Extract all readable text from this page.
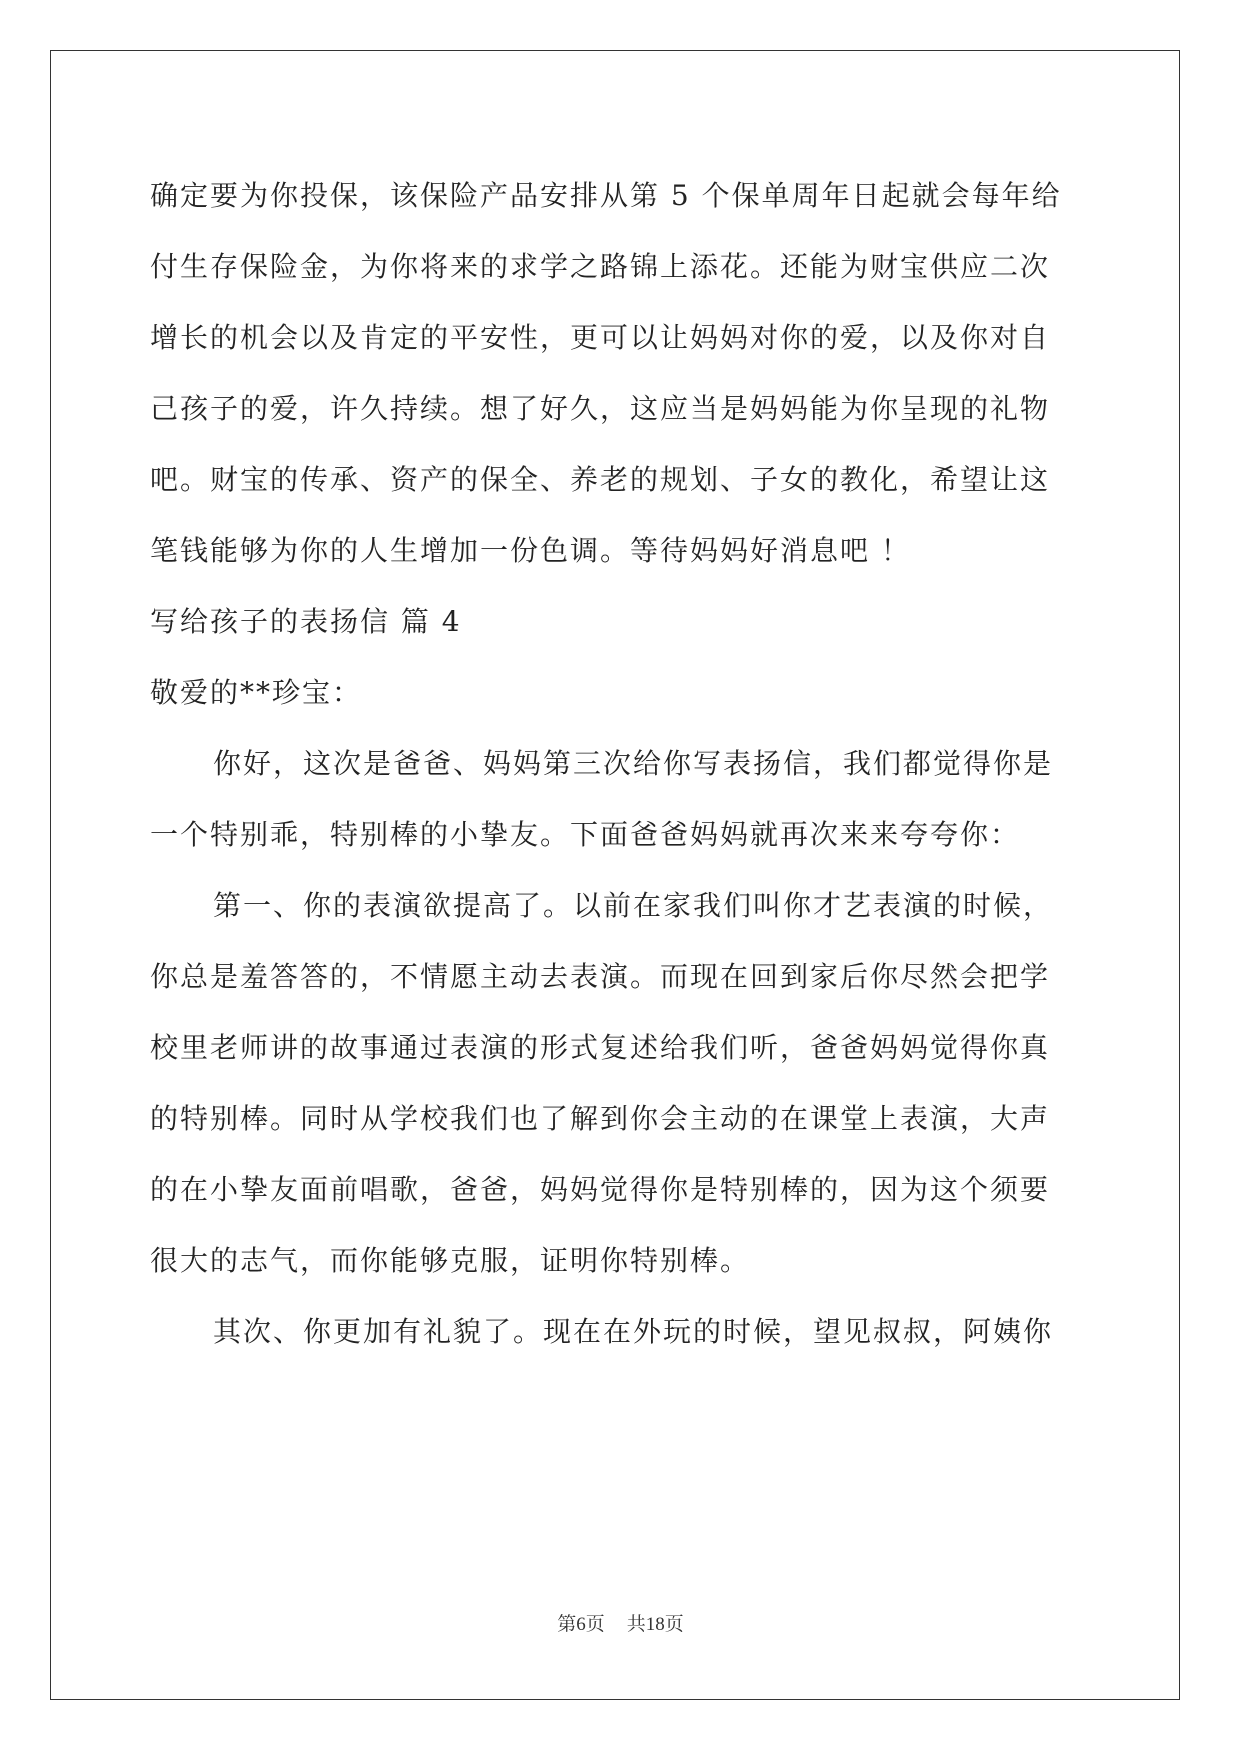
确定要为你投保，该保险产品安排从第 5 个保单周年日起就会每年给

付生存保险金，为你将来的求学之路锦上添花。还能为财宝供应二次

增长的机会以及肯定的平安性，更可以让妈妈对你的爱，以及你对自

己孩子的爱，许久持续。想了好久，这应当是妈妈能为你呈现的礼物

吧。财宝的传承、资产的保全、养老的规划、子女的教化，希望让这

笔钱能够为你的人生增加一份色调。等待妈妈好消息吧 ！

写给孩子的表扬信 篇 4

敬爱的**珍宝：

你好，这次是爸爸、妈妈第三次给你写表扬信，我们都觉得你是

一个特别乖，特别棒的小挚友。下面爸爸妈妈就再次来来夸夸你：

第一、你的表演欲提高了。以前在家我们叫你才艺表演的时候，

你总是羞答答的，不情愿主动去表演。而现在回到家后你尽然会把学

校里老师讲的故事通过表演的形式复述给我们听，爸爸妈妈觉得你真

的特别棒。同时从学校我们也了解到你会主动的在课堂上表演，大声

的在小挚友面前唱歌，爸爸，妈妈觉得你是特别棒的，因为这个须要

很大的志气，而你能够克服，证明你特别棒。

其次、你更加有礼貌了。现在在外玩的时候，望见叔叔，阿姨你

第6页 共18页
